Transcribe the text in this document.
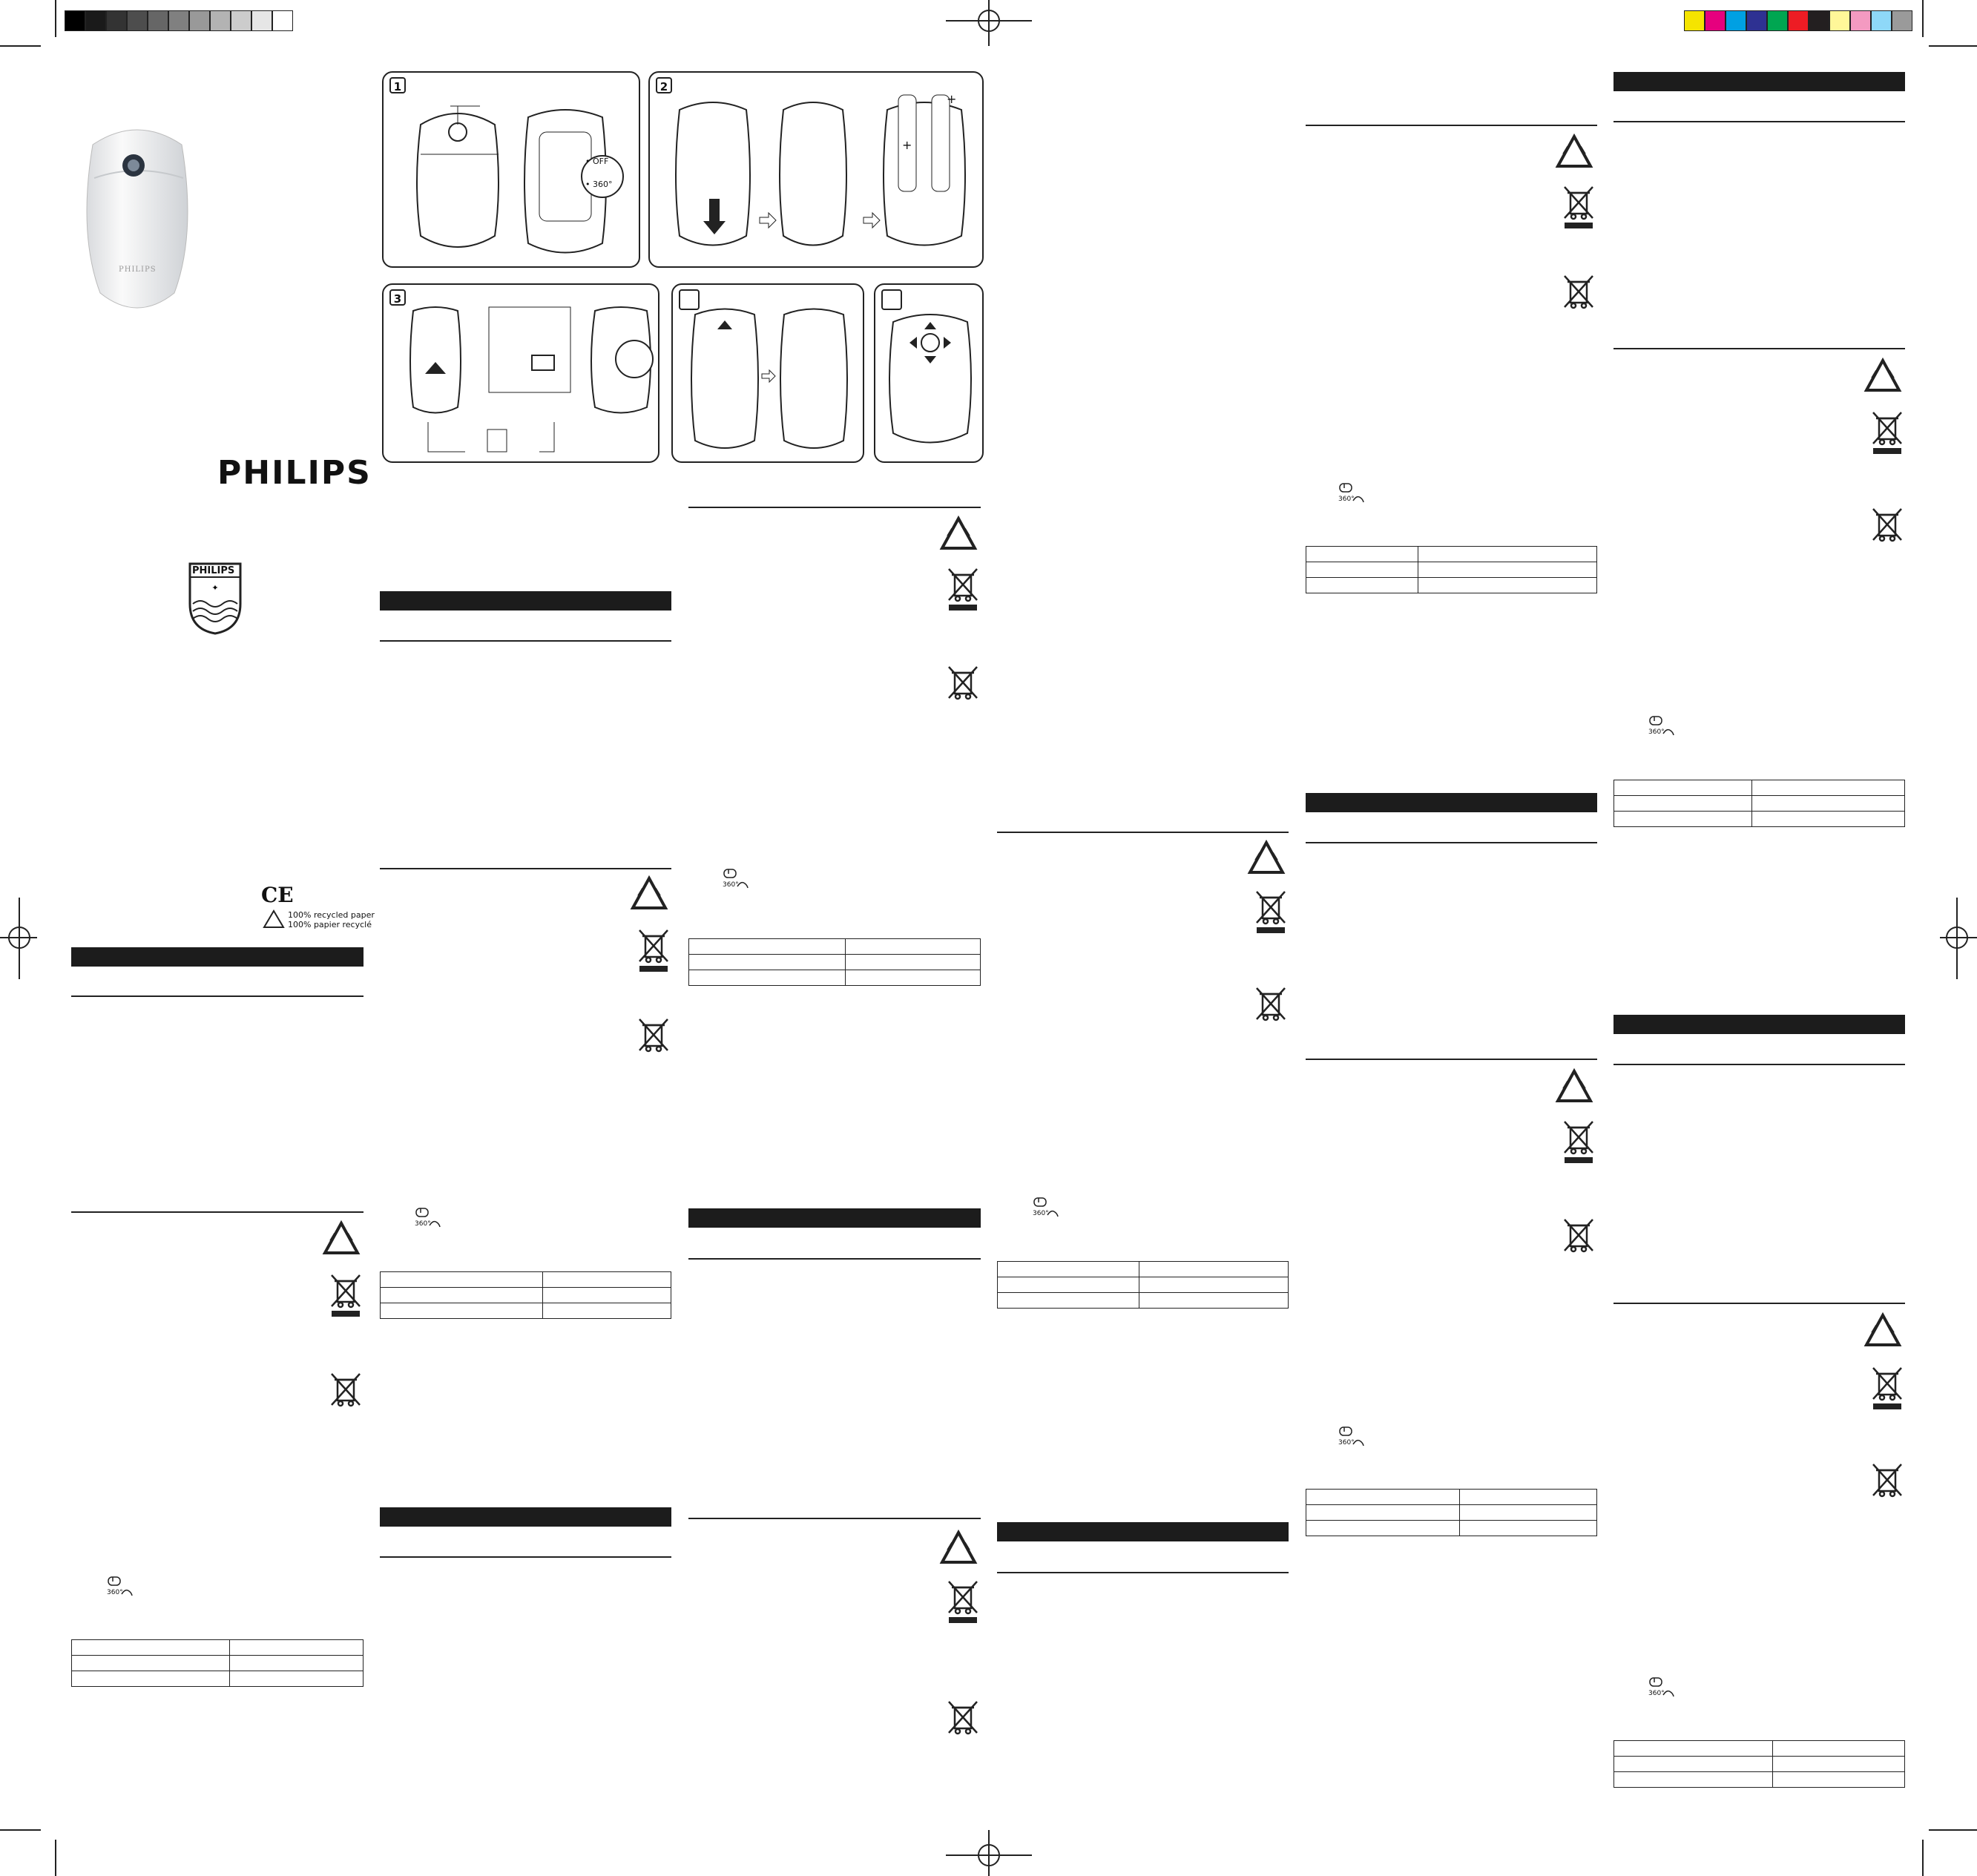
PHILIPS
PHILIPS
✦
PHILIPS
CE
100% recycled paper
100% papier recyclé
1
• OFF
• 360°
2
+
+
3
360°

360°

360°

360°

360°

360°

360°

360°
